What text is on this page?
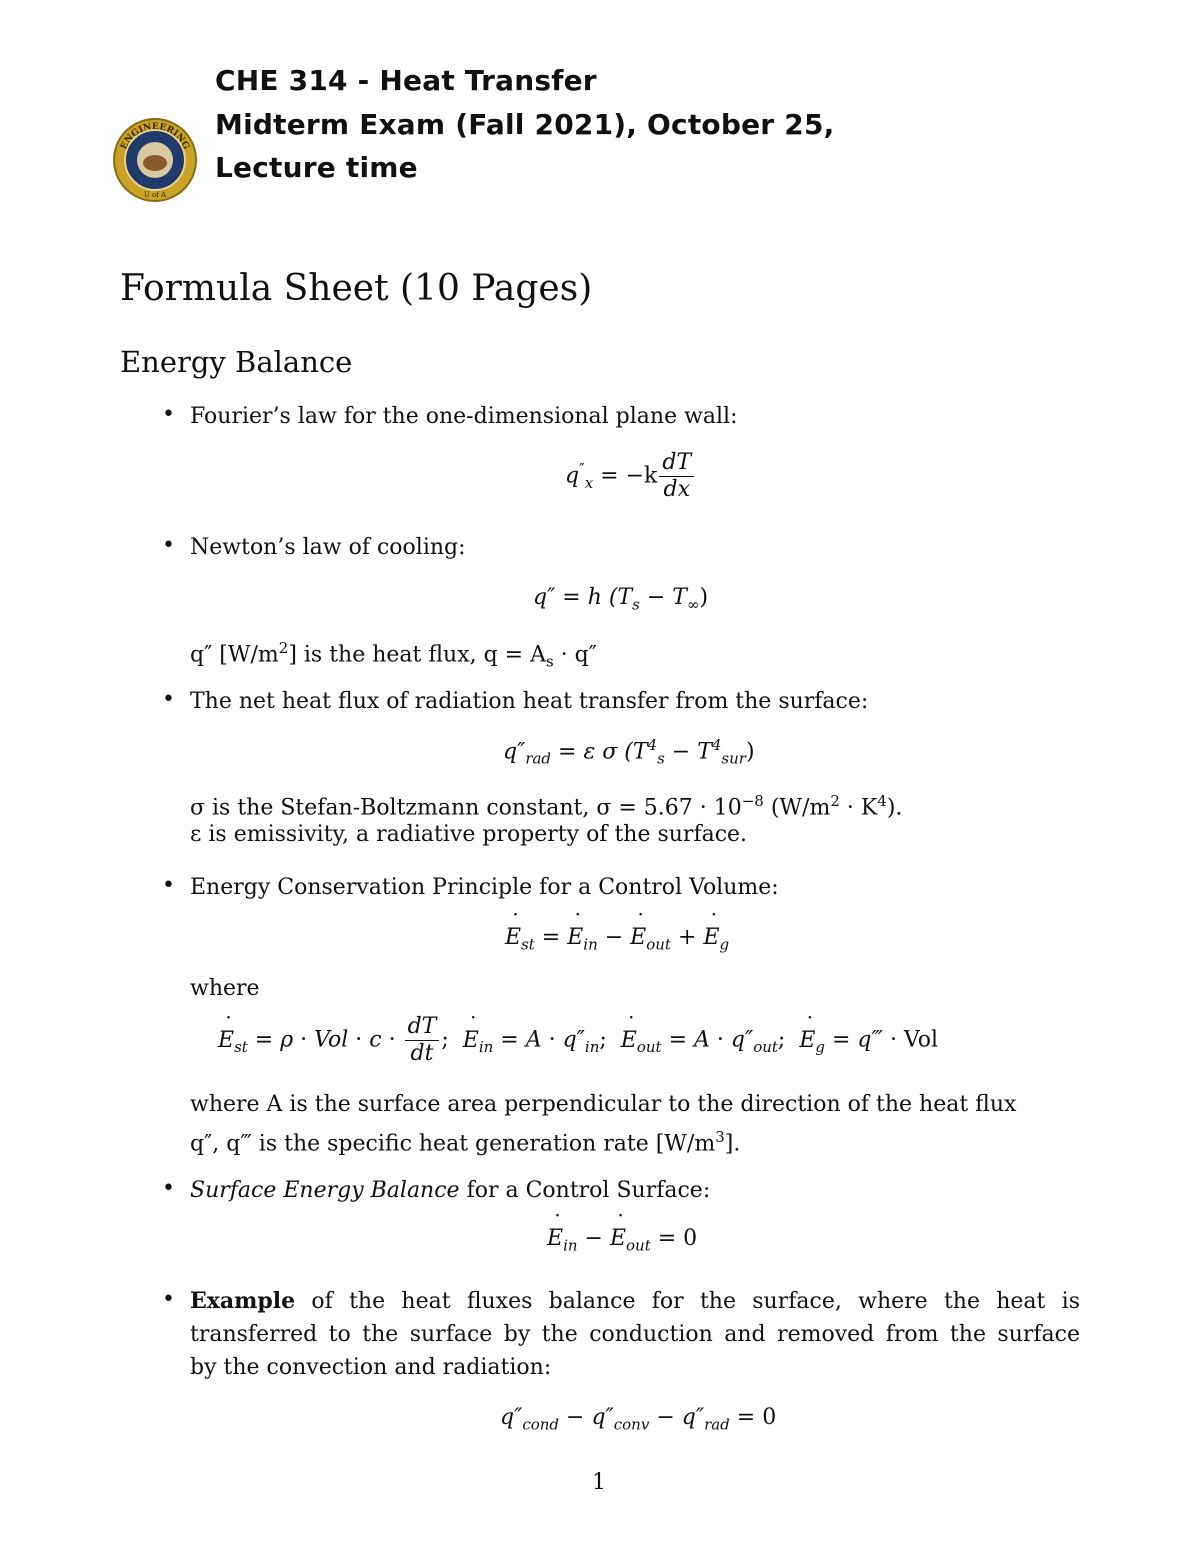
ENGINEERING
U of A
CHE 314 - Heat Transfer
Midterm Exam (Fall 2021), October 25,
Lecture time
Formula Sheet (10 Pages)
Energy Balance
• Fourier’s law for the one-dimensional plane wall:
$q''_x = -k \frac{dT}{dx}$
• Newton’s law of cooling:
q″ = h $(T_s - T_\infty)$
q″ $[W/m^2]$ is the heat flux, $q = A_s \cdot q''$
• The net heat flux of radiation heat transfer from the surface:
$q''_{rad} = \varepsilon$ σ $(T^4_s - T^4_{sur})$
σ is the Stefan-Boltzmann constant, $\sigma = 5.67 \cdot 10^{-8}$ $(W/m^2 \cdot K^4)$.
ε is emissivity, a radiative property of the surface.
• Energy Conservation Principle for a Control Volume:
˙ $E_{st}$ = ˙ $E_{in}$ − ˙ $E_{out}$ + ˙ $E_g$
where
˙ $E_{st} = \rho$ · Vol · $c \cdot \frac{dT}{dt}$ ;  ˙ $E_{in} = A \cdot q''_{in}$;  ˙ $E_{out} = A \cdot q''_{out}$;  ˙ $E_g$ = q‴ · Vol
where A is the surface area perpendicular to the direction of the heat flux
q″, q‴ is the specific heat generation rate $[W/m^3]$.
• Surface Energy Balance for a Control Surface:
˙ $E_{in}$ − ˙ $E_{out} = 0$
• Example of the heat fluxes balance for the surface, where the heat is
transferred to the surface by the conduction and removed from the surface
by the convection and radiation:
$q''_{cond} - q''_{conv} - q''_{rad} = 0$
1
